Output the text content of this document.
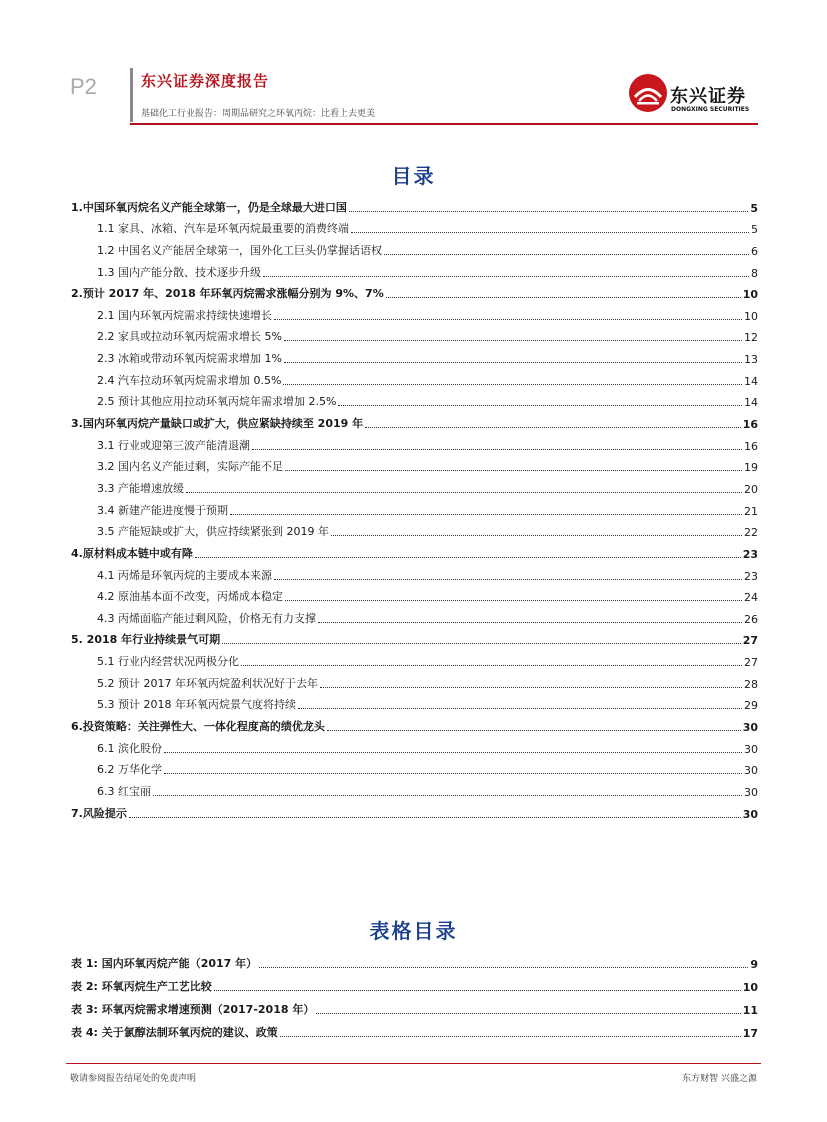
P2	东兴证券深度报告
基础化工行业报告：周期品研究之环氧丙烷：比看上去更美
东兴证券
DONGXING SECURITIES
目录
1.中国环氧丙烷名义产能全球第一，仍是全球最大进口国	5
1.1 家具、冰箱、汽车是环氧丙烷最重要的消费终端	5
1.2 中国名义产能居全球第一，国外化工巨头仍掌握话语权	6
1.3 国内产能分散、技术逐步升级	8
2.预计 2017 年、2018 年环氧丙烷需求涨幅分别为 9%、7%	10
2.1 国内环氧丙烷需求持续快速增长	10
2.2 家具或拉动环氧丙烷需求增长 5%	12
2.3 冰箱或带动环氧丙烷需求增加 1%	13
2.4 汽车拉动环氧丙烷需求增加 0.5%	14
2.5 预计其他应用拉动环氧丙烷年需求增加 2.5%	14
3.国内环氧丙烷产量缺口或扩大，供应紧缺持续至 2019 年	16
3.1 行业或迎第三波产能清退潮	16
3.2 国内名义产能过剩，实际产能不足	19
3.3 产能增速放缓	20
3.4 新建产能进度慢于预期	21
3.5 产能短缺或扩大，供应持续紧张到 2019 年	22
4.原材料成本链中或有降	23
4.1 丙烯是环氧丙烷的主要成本来源	23
4.2 原油基本面不改变，丙烯成本稳定	24
4.3 丙烯面临产能过剩风险，价格无有力支撑	26
5. 2018 年行业持续景气可期	27
5.1 行业内经营状况两极分化	27
5.2 预计 2017 年环氧丙烷盈利状况好于去年	28
5.3 预计 2018 年环氧丙烷景气度将持续	29
6.投资策略：关注弹性大、一体化程度高的绩优龙头	30
6.1 滨化股份	30
6.2 万华化学	30
6.3 红宝丽	30
7.风险提示	30
表格目录
表 1: 国内环氧丙烷产能（2017 年）	9
表 2: 环氧丙烷生产工艺比较	10
表 3: 环氧丙烷需求增速预测（2017-2018 年）	11
表 4: 关于氯醇法制环氧丙烷的建议、政策	17
敬请参阅报告结尾处的免责声明	东方财智 兴盛之源
